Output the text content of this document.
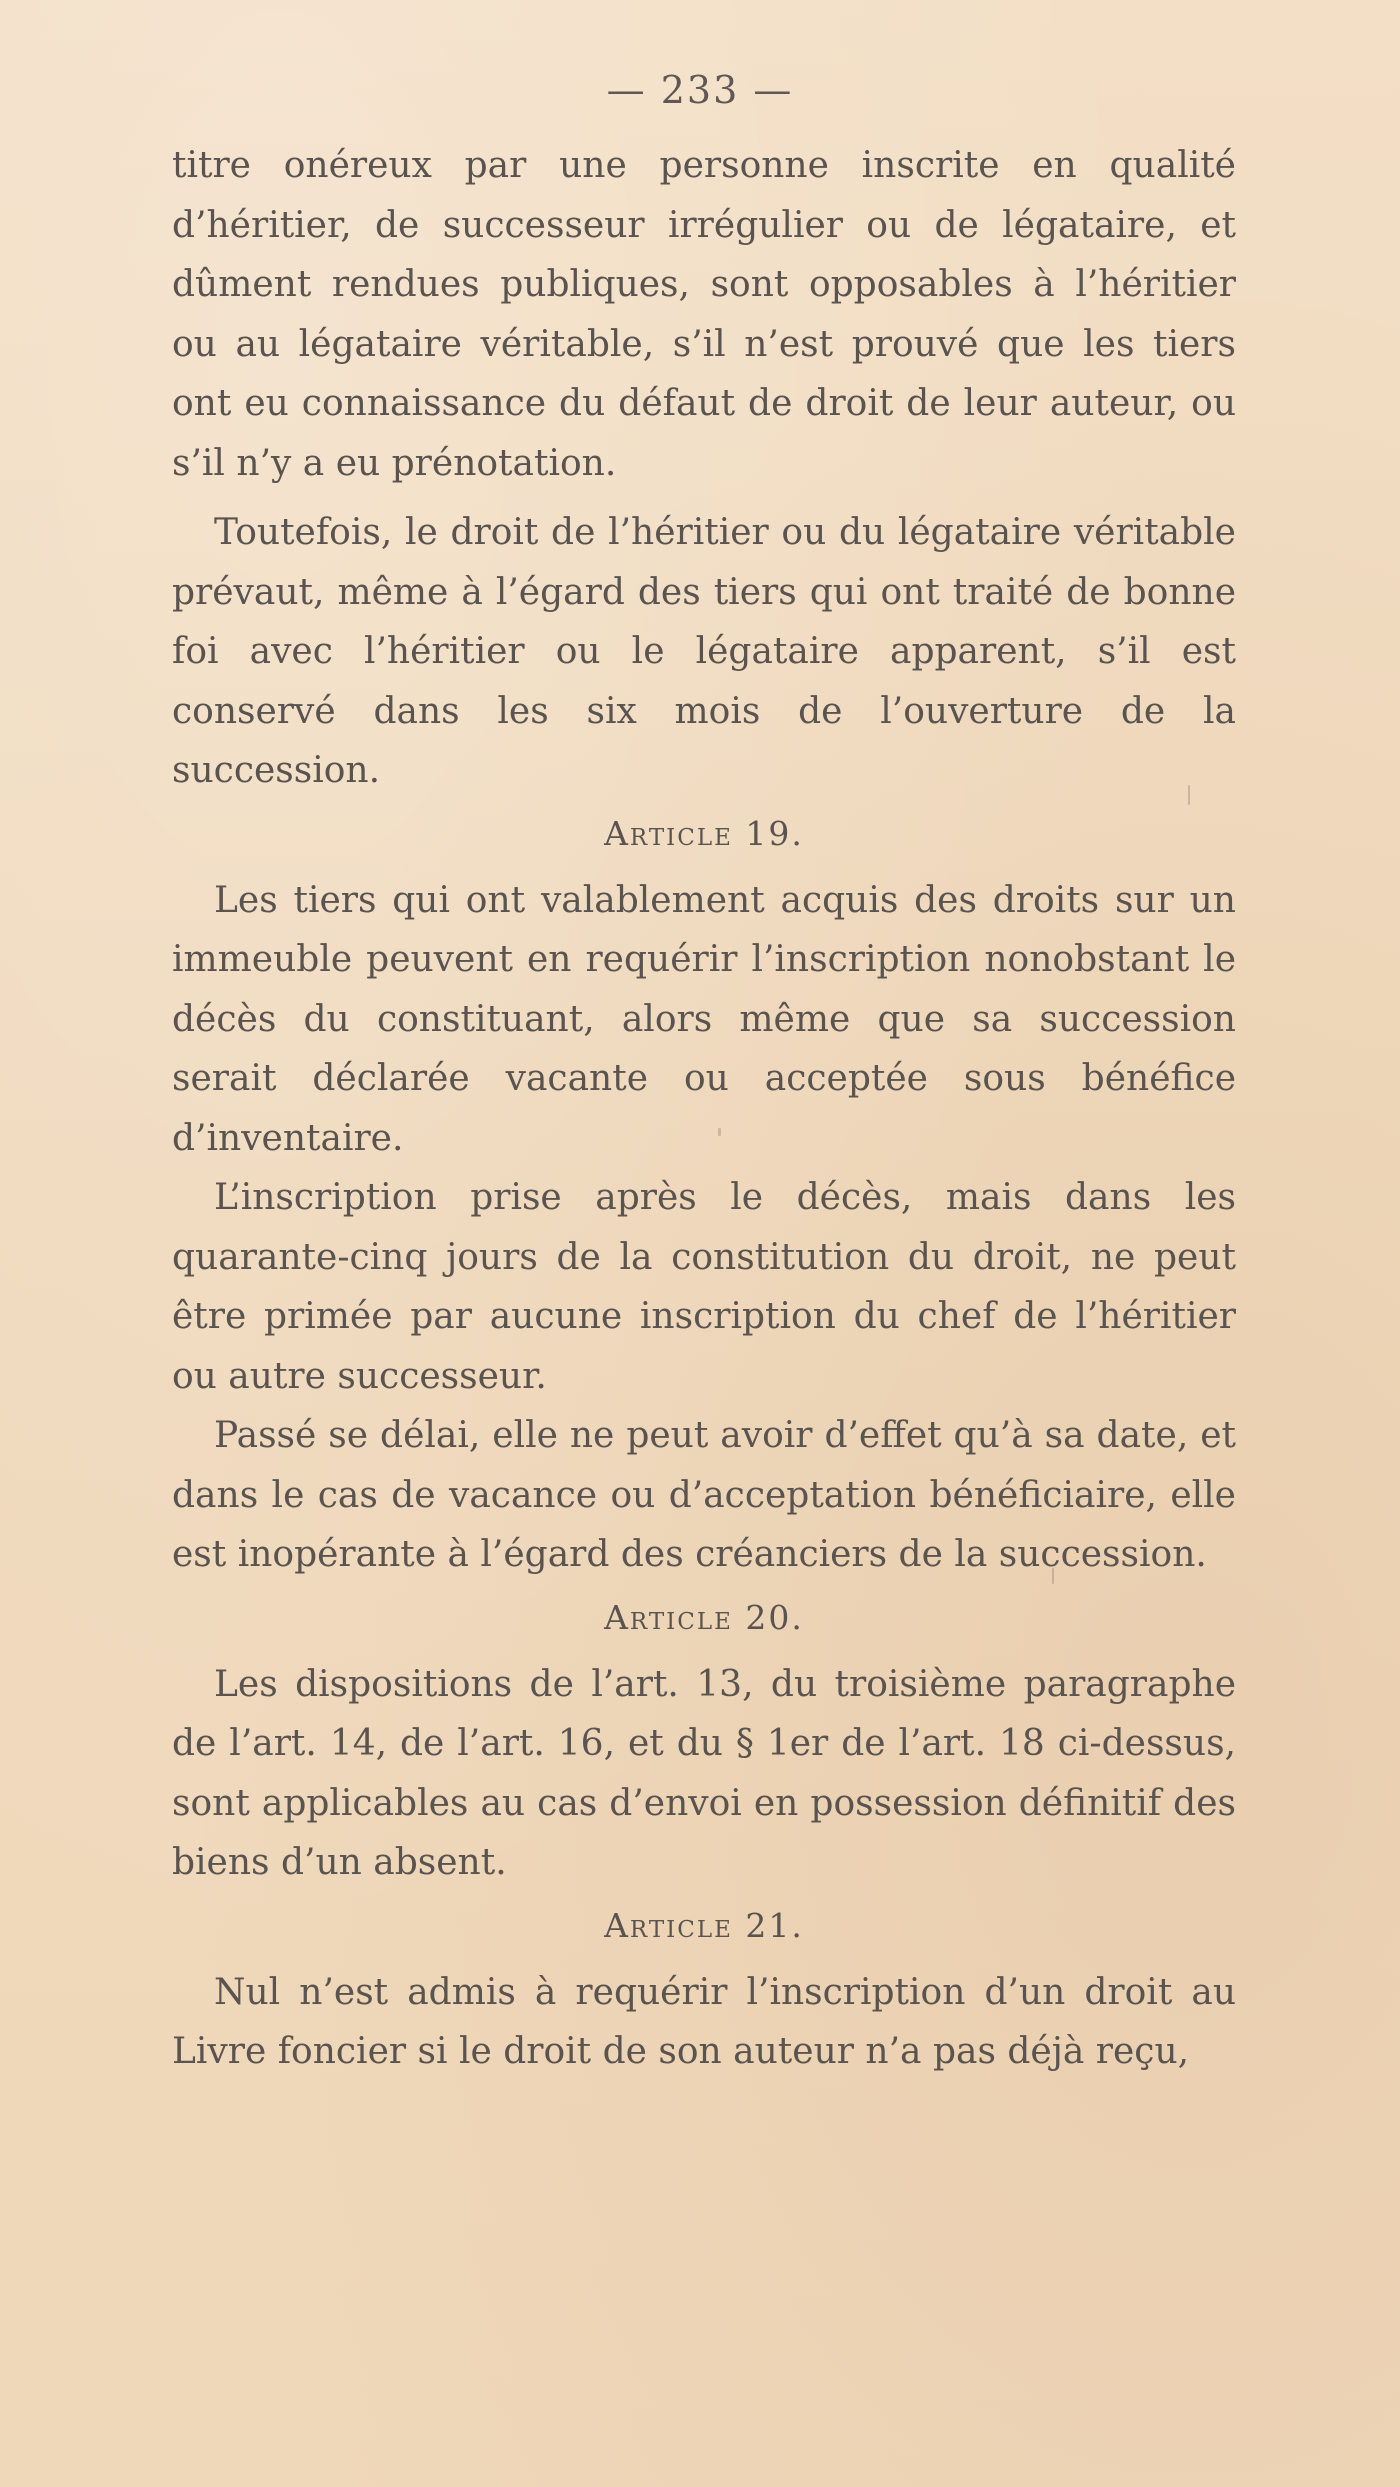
— 233 —

titre onéreux par une personne inscrite en qualité d’héritier, de successeur irrégulier ou de légataire, et dûment rendues publiques, sont opposables à l’héritier ou au légataire véritable, s’il n’est prouvé que les tiers ont eu connaissance du défaut de droit de leur auteur, ou s’il n’y a eu prénotation.

Toutefois, le droit de l’héritier ou du légataire véritable prévaut, même à l’égard des tiers qui ont traité de bonne foi avec l’héritier ou le légataire apparent, s’il est conservé dans les six mois de l’ouverture de la succession.

Article 19.

Les tiers qui ont valablement acquis des droits sur un immeuble peuvent en requérir l’inscription nonobstant le décès du constituant, alors même que sa succession serait déclarée vacante ou acceptée sous bénéfice d’inventaire.

L’inscription prise après le décès, mais dans les quarante-cinq jours de la constitution du droit, ne peut être primée par aucune inscription du chef de l’héritier ou autre successeur.

Passé se délai, elle ne peut avoir d’effet qu’à sa date, et dans le cas de vacance ou d’acceptation bénéficiaire, elle est inopérante à l’égard des créanciers de la succession.

Article 20.

Les dispositions de l’art. 13, du troisième paragraphe de l’art. 14, de l’art. 16, et du § 1er de l’art. 18 ci-dessus, sont applicables au cas d’envoi en possession définitif des biens d’un absent.

Article 21.

Nul n’est admis à requérir l’inscription d’un droit au Livre foncier si le droit de son auteur n’a pas déjà reçu,
